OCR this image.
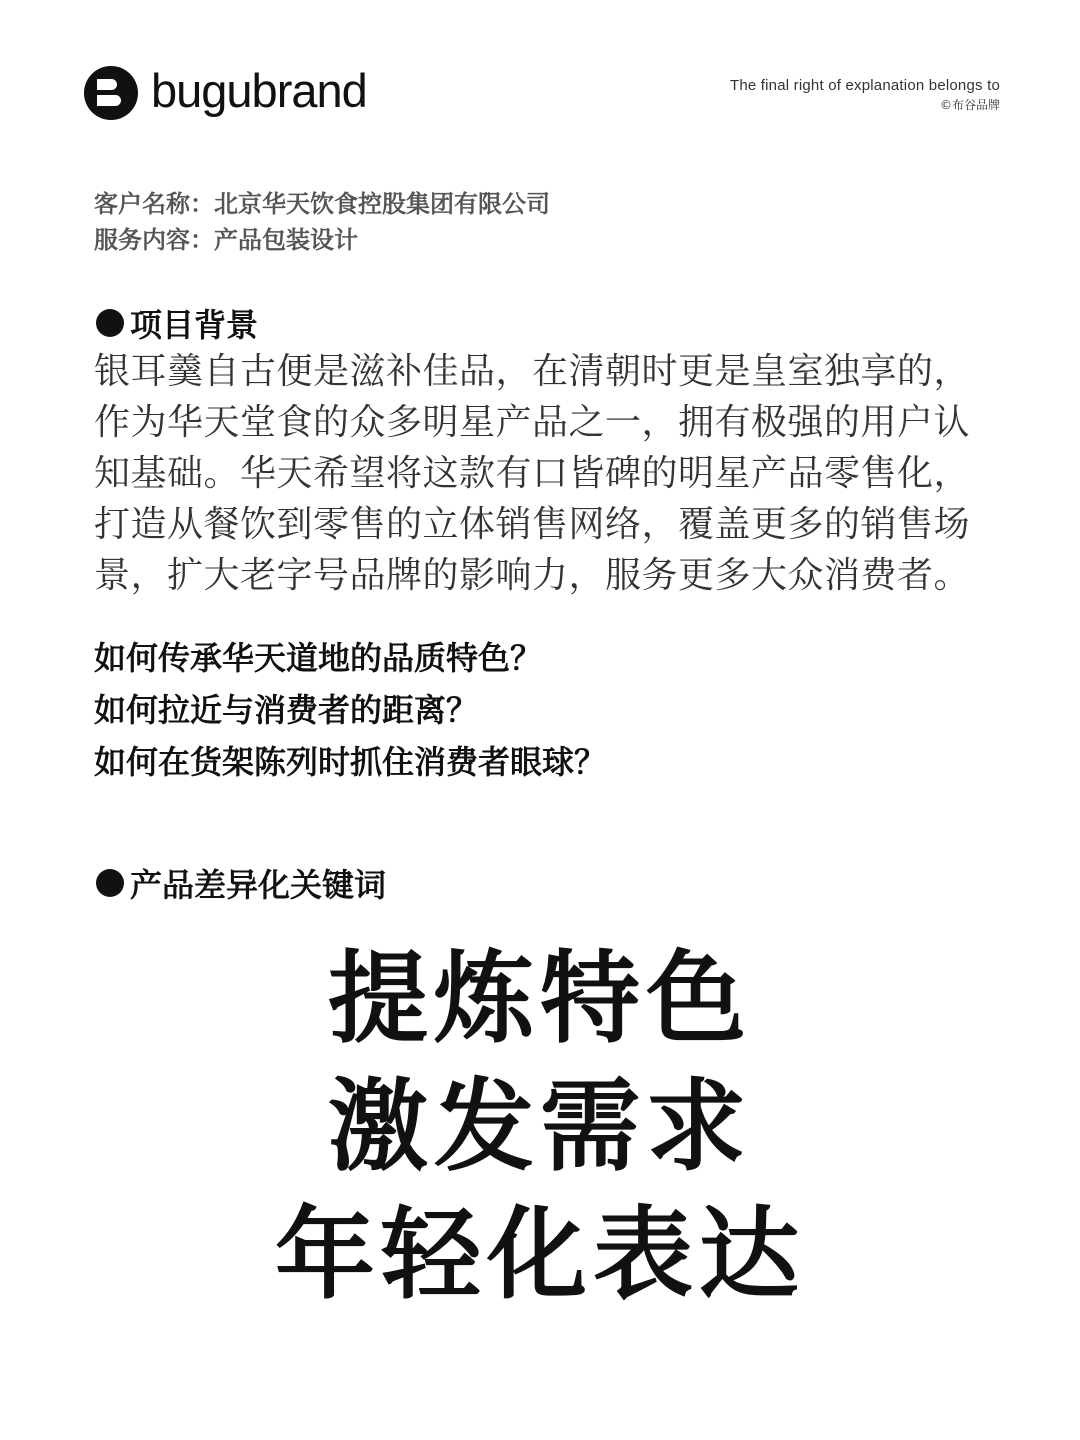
bugubrand	The final right of explanation belongs to
©布谷品牌
客户名称：北京华天饮食控股集团有限公司
服务内容：产品包装设计
项目背景
银耳羹自古便是滋补佳品，在清朝时更是皇室独享的，
作为华天堂食的众多明星产品之一，拥有极强的用户认
知基础。华天希望将这款有口皆碑的明星产品零售化，
打造从餐饮到零售的立体销售网络，覆盖更多的销售场
景，扩大老字号品牌的影响力，服务更多大众消费者。
如何传承华天道地的品质特色？
如何拉近与消费者的距离？
如何在货架陈列时抓住消费者眼球？
产品差异化关键词
提炼特色
激发需求
年轻化表达
